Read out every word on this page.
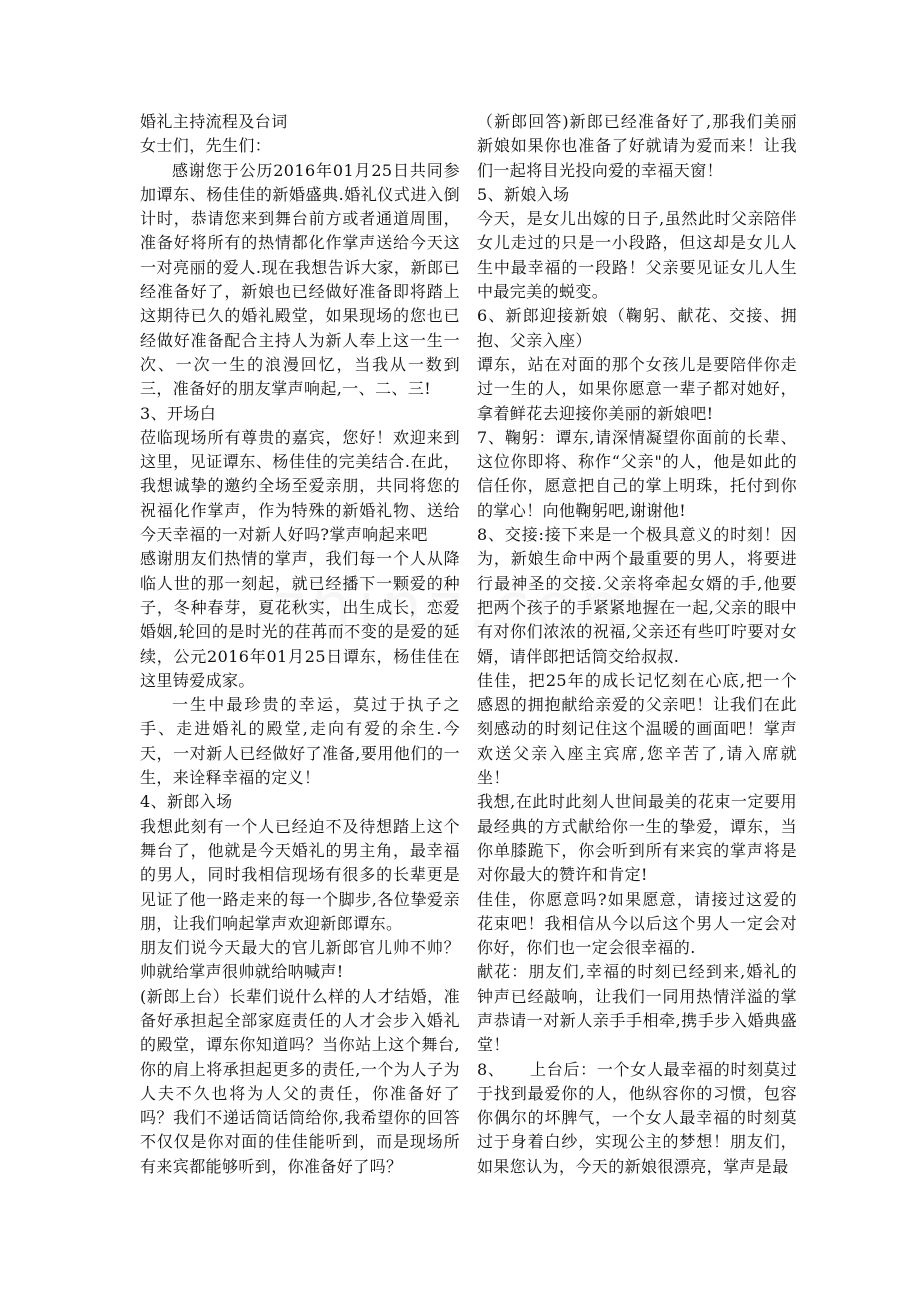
婚礼主持流程及台词

女士们，先生们：

感谢您于公历2016年01月25日共同参加谭东、杨佳佳的新婚盛典.婚礼仪式进入倒计时，恭请您来到舞台前方或者通道周围，准备好将所有的热情都化作掌声送给今天这一对亮丽的爱人.现在我想告诉大家，新郎已经准备好了，新娘也已经做好准备即将踏上这期待已久的婚礼殿堂，如果现场的您也已经做好准备配合主持人为新人奉上这一生一次、一次一生的浪漫回忆，当我从一数到三，准备好的朋友掌声响起,一、二、三!

3、开场白

莅临现场所有尊贵的嘉宾，您好！欢迎来到这里，见证谭东、杨佳佳的完美结合.在此，我想诚挚的邀约全场至爱亲朋，共同将您的祝福化作掌声，作为特殊的新婚礼物、送给今天幸福的一对新人好吗?掌声响起来吧

感谢朋友们热情的掌声，我们每一个人从降临人世的那一刻起，就已经播下一颗爱的种子，冬种春芽，夏花秋实，出生成长，恋爱婚姻,轮回的是时光的荏苒而不变的是爱的延续，公元2016年01月25日谭东，杨佳佳在这里铸爱成家。

一生中最珍贵的幸运，莫过于执子之手、走进婚礼的殿堂,走向有爱的余生.今天，一对新人已经做好了准备,要用他们的一生，来诠释幸福的定义！

4、新郎入场

我想此刻有一个人已经迫不及待想踏上这个舞台了，他就是今天婚礼的男主角，最幸福的男人，同时我相信现场有很多的长辈更是见证了他一路走来的每一个脚步,各位挚爱亲朋，让我们响起掌声欢迎新郎谭东。

朋友们说今天最大的官儿新郎官儿帅不帅？帅就给掌声很帅就给呐喊声!

(新郎上台）长辈们说什么样的人才结婚，准备好承担起全部家庭责任的人才会步入婚礼的殿堂，谭东你知道吗？当你站上这个舞台,你的肩上将承担起更多的责任,一个为人子为人夫不久也将为人父的责任，你准备好了吗？我们不递话筒话筒给你,我希望你的回答不仅仅是你对面的佳佳能听到，而是现场所有来宾都能够听到，你准备好了吗？

（新郎回答)新郎已经准备好了,那我们美丽新娘如果你也准备了好就请为爱而来！让我们一起将目光投向爱的幸福天窗！

5、新娘入场

今天，是女儿出嫁的日子,虽然此时父亲陪伴女儿走过的只是一小段路，但这却是女儿人生中最幸福的一段路！父亲要见证女儿人生中最完美的蜕变。

6、新郎迎接新娘（鞠躬、献花、交接、拥抱、父亲入座）

谭东，站在对面的那个女孩儿是要陪伴你走过一生的人，如果你愿意一辈子都对她好，拿着鲜花去迎接你美丽的新娘吧!

7、鞠躬：谭东,请深情凝望你面前的长辈、这位你即将、称作“父亲"的人，他是如此的信任你，愿意把自己的掌上明珠，托付到你的掌心！向他鞠躬吧,谢谢他!

8、交接:接下来是一个极具意义的时刻！因为，新娘生命中两个最重要的男人，将要进行最神圣的交接.父亲将牵起女婿的手,他要把两个孩子的手紧紧地握在一起,父亲的眼中有对你们浓浓的祝福,父亲还有些叮咛要对女婿，请伴郎把话筒交给叔叔.

佳佳，把25年的成长记忆刻在心底,把一个感恩的拥抱献给亲爱的父亲吧！让我们在此刻感动的时刻记住这个温暖的画面吧！掌声欢送父亲入座主宾席,您辛苦了,请入席就坐！

我想,在此时此刻人世间最美的花束一定要用最经典的方式献给你一生的挚爱，谭东，当你单膝跪下，你会听到所有来宾的掌声将是对你最大的赞许和肯定!

佳佳，你愿意吗?如果愿意，请接过这爱的花束吧！我相信从今以后这个男人一定会对你好，你们也一定会很幸福的.

献花：朋友们,幸福的时刻已经到来,婚礼的钟声已经敲响，让我们一同用热情洋溢的掌声恭请一对新人亲手手相牵,携手步入婚典盛堂！

8、　　上台后：一个女人最幸福的时刻莫过于找到最爱你的人，他纵容你的习惯，包容你偶尔的坏脾气，一个女人最幸福的时刻莫过于身着白纱，实现公主的梦想！朋友们，如果您认为，今天的新娘很漂亮，掌声是最
